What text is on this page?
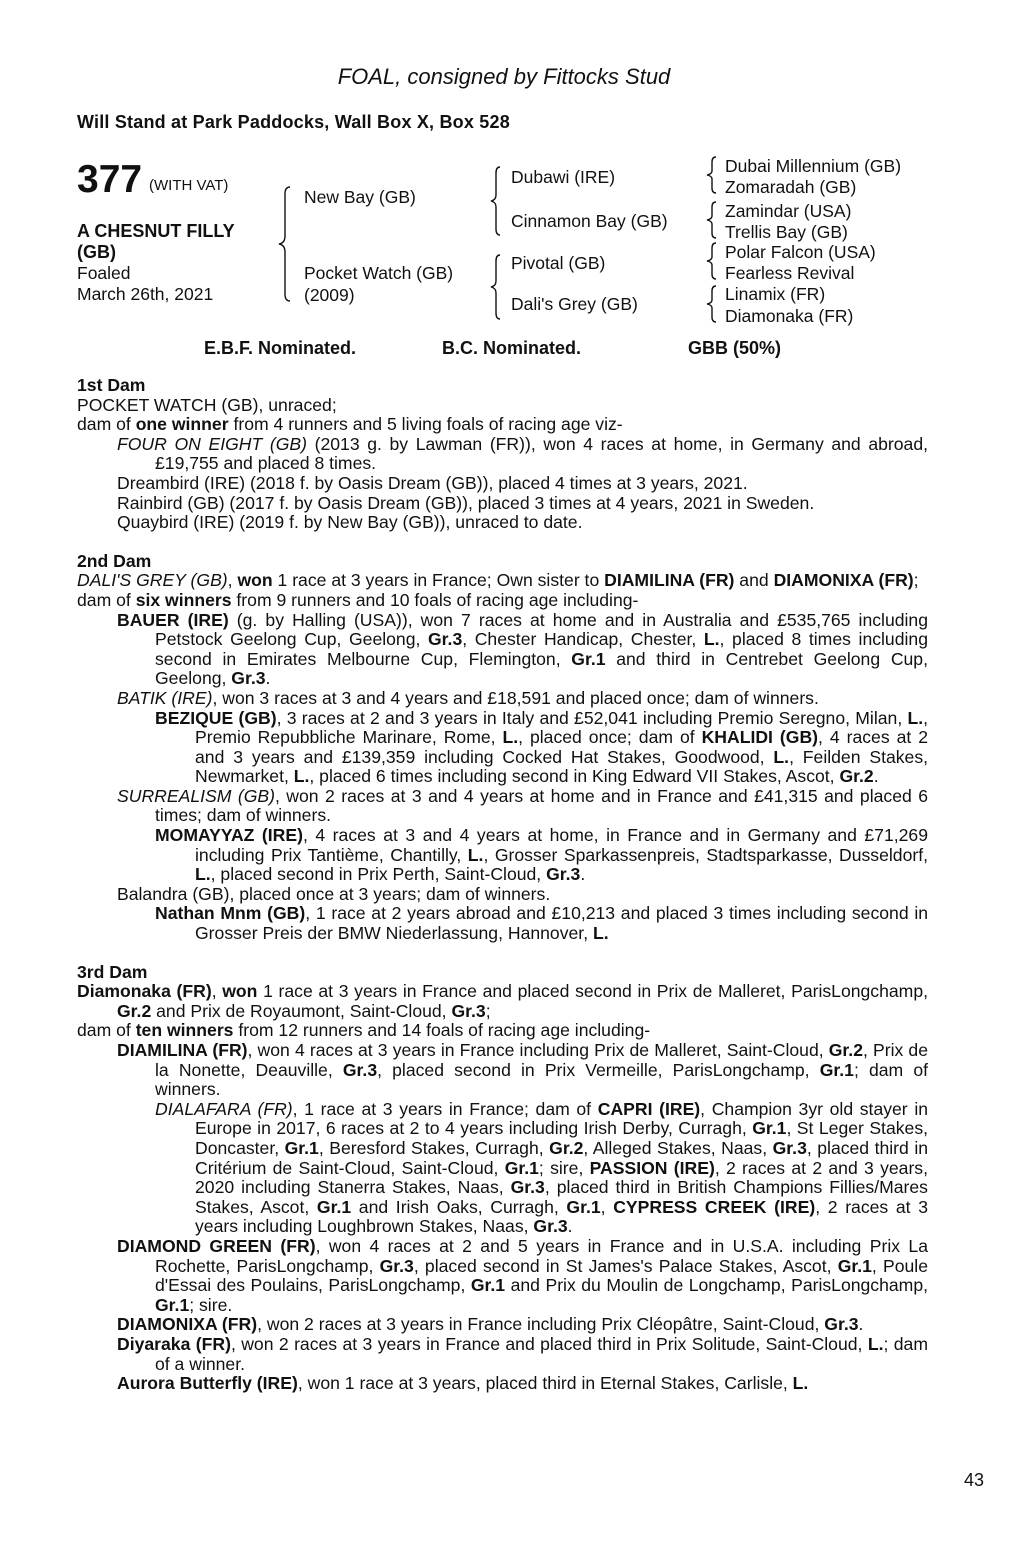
FOAL, consigned by Fittocks Stud
Will Stand at Park Paddocks, Wall Box X, Box 528
377 (WITH VAT)
A CHESNUT FILLY
(GB)
Foaled
March 26th, 2021
New Bay (GB)
Pocket Watch (GB)
(2009)
Dubawi (IRE)
Cinnamon Bay (GB)
Pivotal (GB)
Dali's Grey (GB)
Dubai Millennium (GB)
Zomaradah (GB)
Zamindar (USA)
Trellis Bay (GB)
Polar Falcon (USA)
Fearless Revival
Linamix (FR)
Diamonaka (FR)
E.B.F. Nominated.	B.C. Nominated.	GBB (50%)
1st Dam
POCKET WATCH (GB), unraced;
dam of one winner from 4 runners and 5 living foals of racing age viz-
FOUR ON EIGHT (GB) (2013 g. by Lawman (FR)), won 4 races at home, in Germany and abroad, £19,755 and placed 8 times.
Dreambird (IRE) (2018 f. by Oasis Dream (GB)), placed 4 times at 3 years, 2021.
Rainbird (GB) (2017 f. by Oasis Dream (GB)), placed 3 times at 4 years, 2021 in Sweden.
Quaybird (IRE) (2019 f. by New Bay (GB)), unraced to date.
2nd Dam
DALI'S GREY (GB), won 1 race at 3 years in France; Own sister to DIAMILINA (FR) and DIAMONIXA (FR);
dam of six winners from 9 runners and 10 foals of racing age including-
BAUER (IRE) (g. by Halling (USA)), won 7 races at home and in Australia and £535,765 including Petstock Geelong Cup, Geelong, Gr.3, Chester Handicap, Chester, L., placed 8 times including second in Emirates Melbourne Cup, Flemington, Gr.1 and third in Centrebet Geelong Cup, Geelong, Gr.3.
BATIK (IRE), won 3 races at 3 and 4 years and £18,591 and placed once; dam of winners.
BEZIQUE (GB), 3 races at 2 and 3 years in Italy and £52,041 including Premio Seregno, Milan, L., Premio Repubbliche Marinare, Rome, L., placed once; dam of KHALIDI (GB), 4 races at 2 and 3 years and £139,359 including Cocked Hat Stakes, Goodwood, L., Feilden Stakes, Newmarket, L., placed 6 times including second in King Edward VII Stakes, Ascot, Gr.2.
SURREALISM (GB), won 2 races at 3 and 4 years at home and in France and £41,315 and placed 6 times; dam of winners.
MOMAYYAZ (IRE), 4 races at 3 and 4 years at home, in France and in Germany and £71,269 including Prix Tantième, Chantilly, L., Grosser Sparkassenpreis, Stadtsparkasse, Dusseldorf, L., placed second in Prix Perth, Saint-Cloud, Gr.3.
Balandra (GB), placed once at 3 years; dam of winners.
Nathan Mnm (GB), 1 race at 2 years abroad and £10,213 and placed 3 times including second in Grosser Preis der BMW Niederlassung, Hannover, L.
3rd Dam
Diamonaka (FR), won 1 race at 3 years in France and placed second in Prix de Malleret, ParisLongchamp, Gr.2 and Prix de Royaumont, Saint-Cloud, Gr.3;
dam of ten winners from 12 runners and 14 foals of racing age including-
DIAMILINA (FR), won 4 races at 3 years in France including Prix de Malleret, Saint-Cloud, Gr.2, Prix de la Nonette, Deauville, Gr.3, placed second in Prix Vermeille, ParisLongchamp, Gr.1; dam of winners.
DIALAFARA (FR), 1 race at 3 years in France; dam of CAPRI (IRE), Champion 3yr old stayer in Europe in 2017, 6 races at 2 to 4 years including Irish Derby, Curragh, Gr.1, St Leger Stakes, Doncaster, Gr.1, Beresford Stakes, Curragh, Gr.2, Alleged Stakes, Naas, Gr.3, placed third in Critérium de Saint-Cloud, Saint-Cloud, Gr.1; sire, PASSION (IRE), 2 races at 2 and 3 years, 2020 including Stanerra Stakes, Naas, Gr.3, placed third in British Champions Fillies/Mares Stakes, Ascot, Gr.1 and Irish Oaks, Curragh, Gr.1, CYPRESS CREEK (IRE), 2 races at 3 years including Loughbrown Stakes, Naas, Gr.3.
DIAMOND GREEN (FR), won 4 races at 2 and 5 years in France and in U.S.A. including Prix La Rochette, ParisLongchamp, Gr.3, placed second in St James's Palace Stakes, Ascot, Gr.1, Poule d'Essai des Poulains, ParisLongchamp, Gr.1 and Prix du Moulin de Longchamp, ParisLongchamp, Gr.1; sire.
DIAMONIXA (FR), won 2 races at 3 years in France including Prix Cléopâtre, Saint-Cloud, Gr.3.
Diyaraka (FR), won 2 races at 3 years in France and placed third in Prix Solitude, Saint-Cloud, L.; dam of a winner.
Aurora Butterfly (IRE), won 1 race at 3 years, placed third in Eternal Stakes, Carlisle, L.
43
